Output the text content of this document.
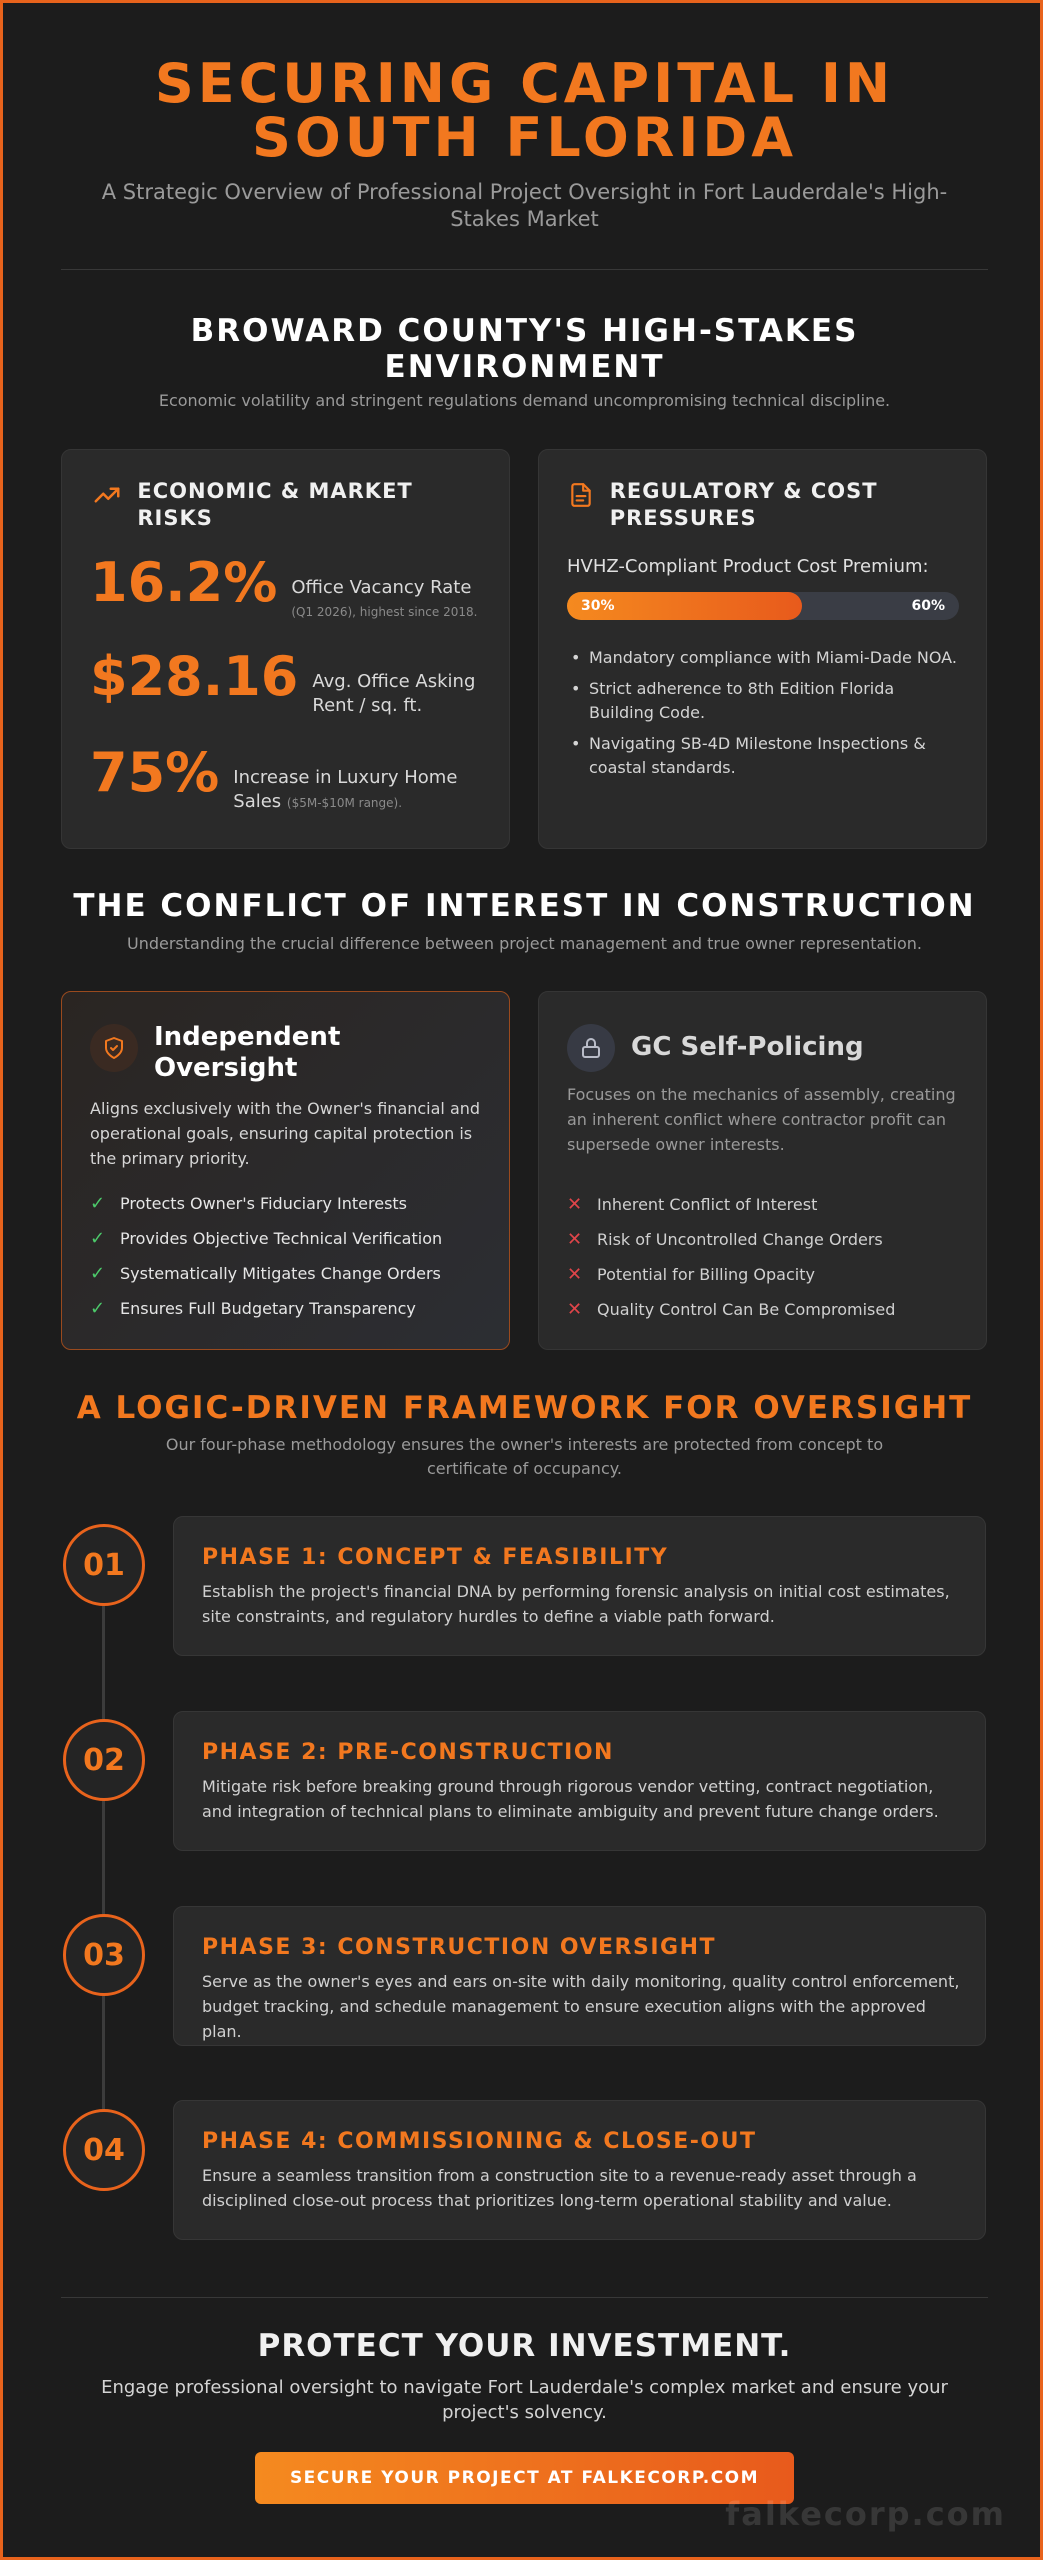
SECURING CAPITAL IN
SOUTH FLORIDA
A Strategic Overview of Professional Project Oversight in Fort Lauderdale's High-Stakes Market
BROWARD COUNTY'S HIGH-STAKES ENVIRONMENT
Economic volatility and stringent regulations demand uncompromising technical discipline.
ECONOMIC & MARKET RISKS
16.2% Office Vacancy Rate
(Q1 2026), highest since 2018.
$28.16 Avg. Office Asking Rent / sq. ft.
75% Increase in Luxury Home Sales ($5M-$10M range).
REGULATORY & COST PRESSURES
HVHZ-Compliant Product Cost Premium:
30%	60%
• Mandatory compliance with Miami-Dade NOA.
• Strict adherence to 8th Edition Florida Building Code.
• Navigating SB-4D Milestone Inspections & coastal standards.
THE CONFLICT OF INTEREST IN CONSTRUCTION
Understanding the crucial difference between project management and true owner representation.
Independent Oversight
Aligns exclusively with the Owner's financial and operational goals, ensuring capital protection is the primary priority.
✓ Protects Owner's Fiduciary Interests
✓ Provides Objective Technical Verification
✓ Systematically Mitigates Change Orders
✓ Ensures Full Budgetary Transparency
GC Self-Policing
Focuses on the mechanics of assembly, creating an inherent conflict where contractor profit can supersede owner interests.
✕ Inherent Conflict of Interest
✕ Risk of Uncontrolled Change Orders
✕ Potential for Billing Opacity
✕ Quality Control Can Be Compromised
A LOGIC-DRIVEN FRAMEWORK FOR OVERSIGHT
Our four-phase methodology ensures the owner's interests are protected from concept to certificate of occupancy.
01	PHASE 1: CONCEPT & FEASIBILITY
Establish the project's financial DNA by performing forensic analysis on initial cost estimates, site constraints, and regulatory hurdles to define a viable path forward.
02	PHASE 2: PRE-CONSTRUCTION
Mitigate risk before breaking ground through rigorous vendor vetting, contract negotiation, and integration of technical plans to eliminate ambiguity and prevent future change orders.
03	PHASE 3: CONSTRUCTION OVERSIGHT
Serve as the owner's eyes and ears on-site with daily monitoring, quality control enforcement, budget tracking, and schedule management to ensure execution aligns with the approved plan.
04	PHASE 4: COMMISSIONING & CLOSE-OUT
Ensure a seamless transition from a construction site to a revenue-ready asset through a disciplined close-out process that prioritizes long-term operational stability and value.
PROTECT YOUR INVESTMENT.
Engage professional oversight to navigate Fort Lauderdale's complex market and ensure your project's solvency.
SECURE YOUR PROJECT AT FALKECORP.COM
falkecorp.com
